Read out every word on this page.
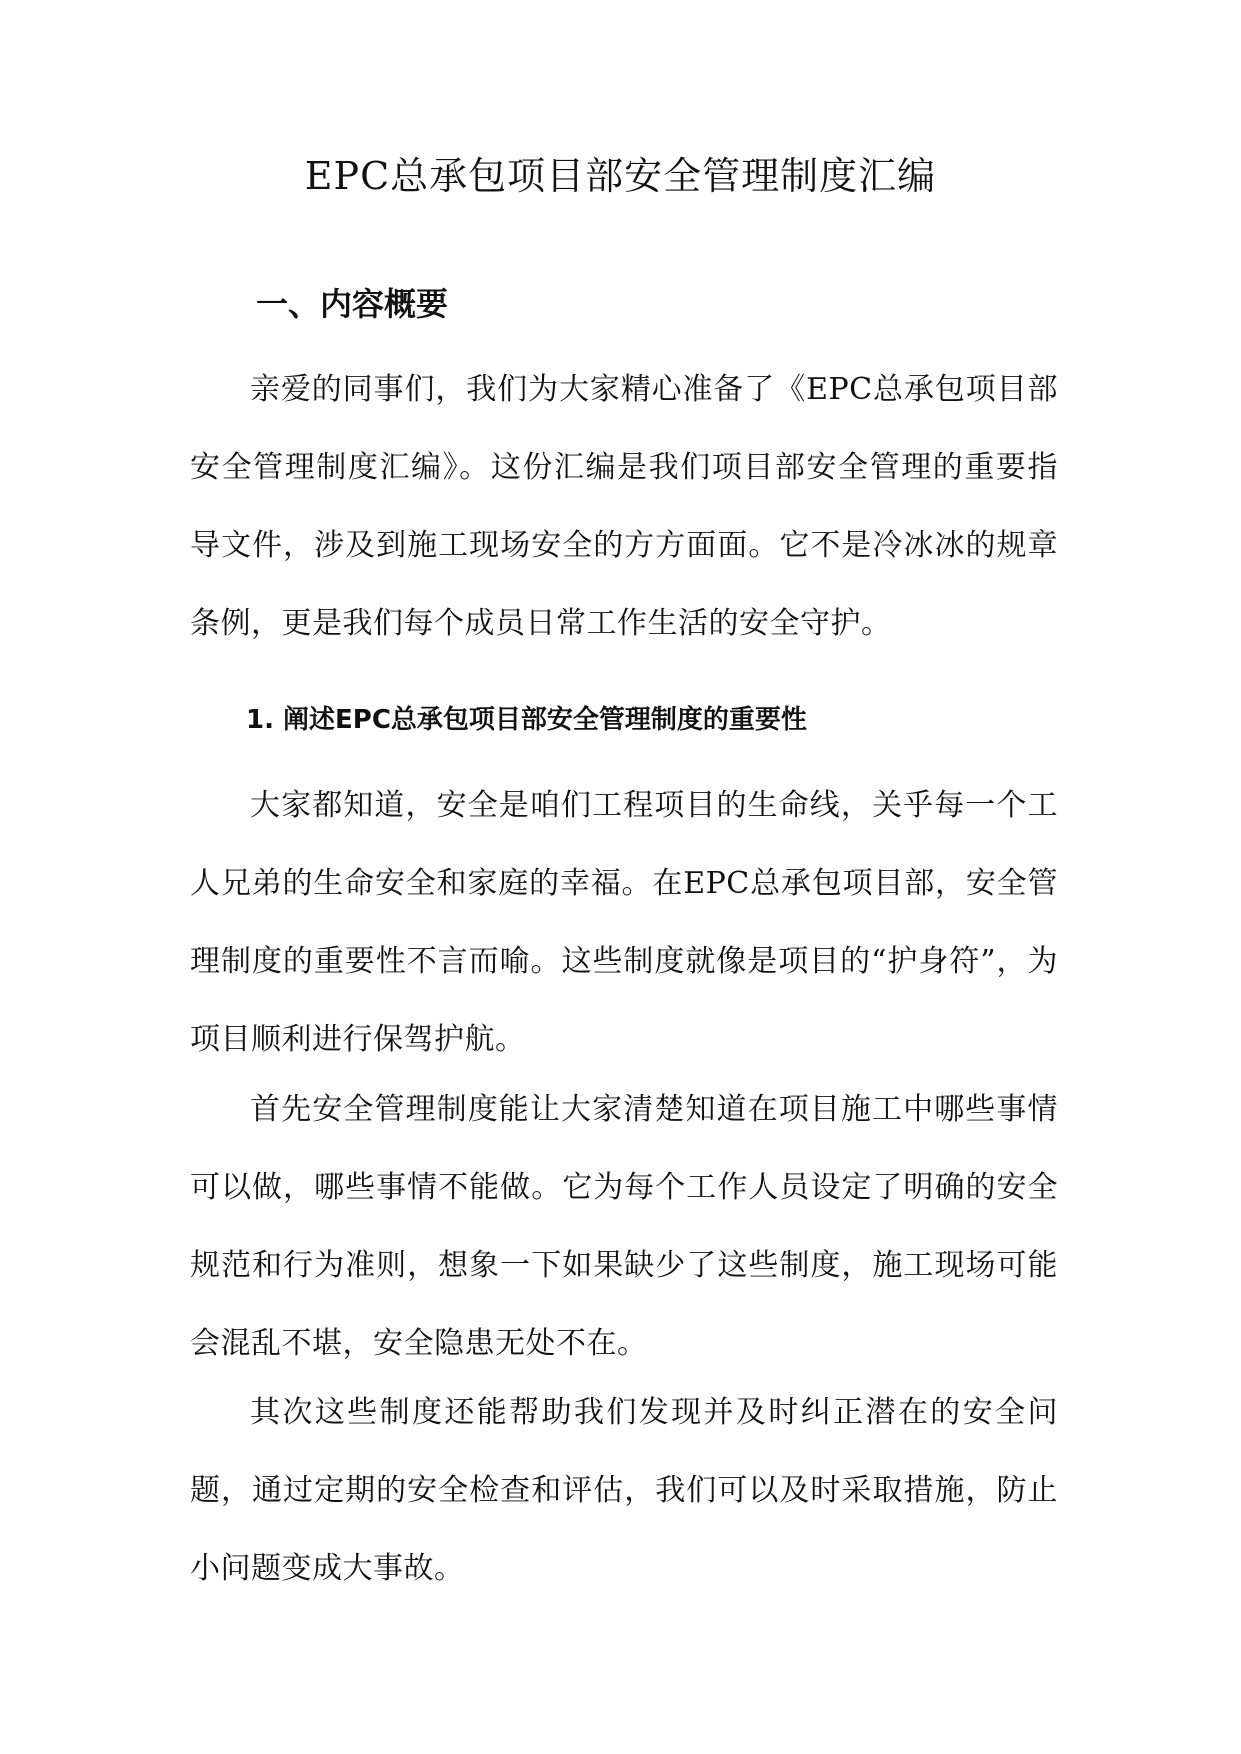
EPC总承包项目部安全管理制度汇编
一、内容概要

亲爱的同事们，我们为大家精心准备了《EPC总承包项目部安全管理制度汇编》。这份汇编是我们项目部安全管理的重要指导文件，涉及到施工现场安全的方方面面。它不是冷冰冰的规章条例，更是我们每个成员日常工作生活的安全守护。

1. 阐述EPC总承包项目部安全管理制度的重要性

大家都知道，安全是咱们工程项目的生命线，关乎每一个工人兄弟的生命安全和家庭的幸福。在EPC总承包项目部，安全管理制度的重要性不言而喻。这些制度就像是项目的“护身符”，为项目顺利进行保驾护航。

首先安全管理制度能让大家清楚知道在项目施工中哪些事情可以做，哪些事情不能做。它为每个工作人员设定了明确的安全规范和行为准则，想象一下如果缺少了这些制度，施工现场可能会混乱不堪，安全隐患无处不在。

其次这些制度还能帮助我们发现并及时纠正潜在的安全问题，通过定期的安全检查和评估，我们可以及时采取措施，防止小问题变成大事故。
